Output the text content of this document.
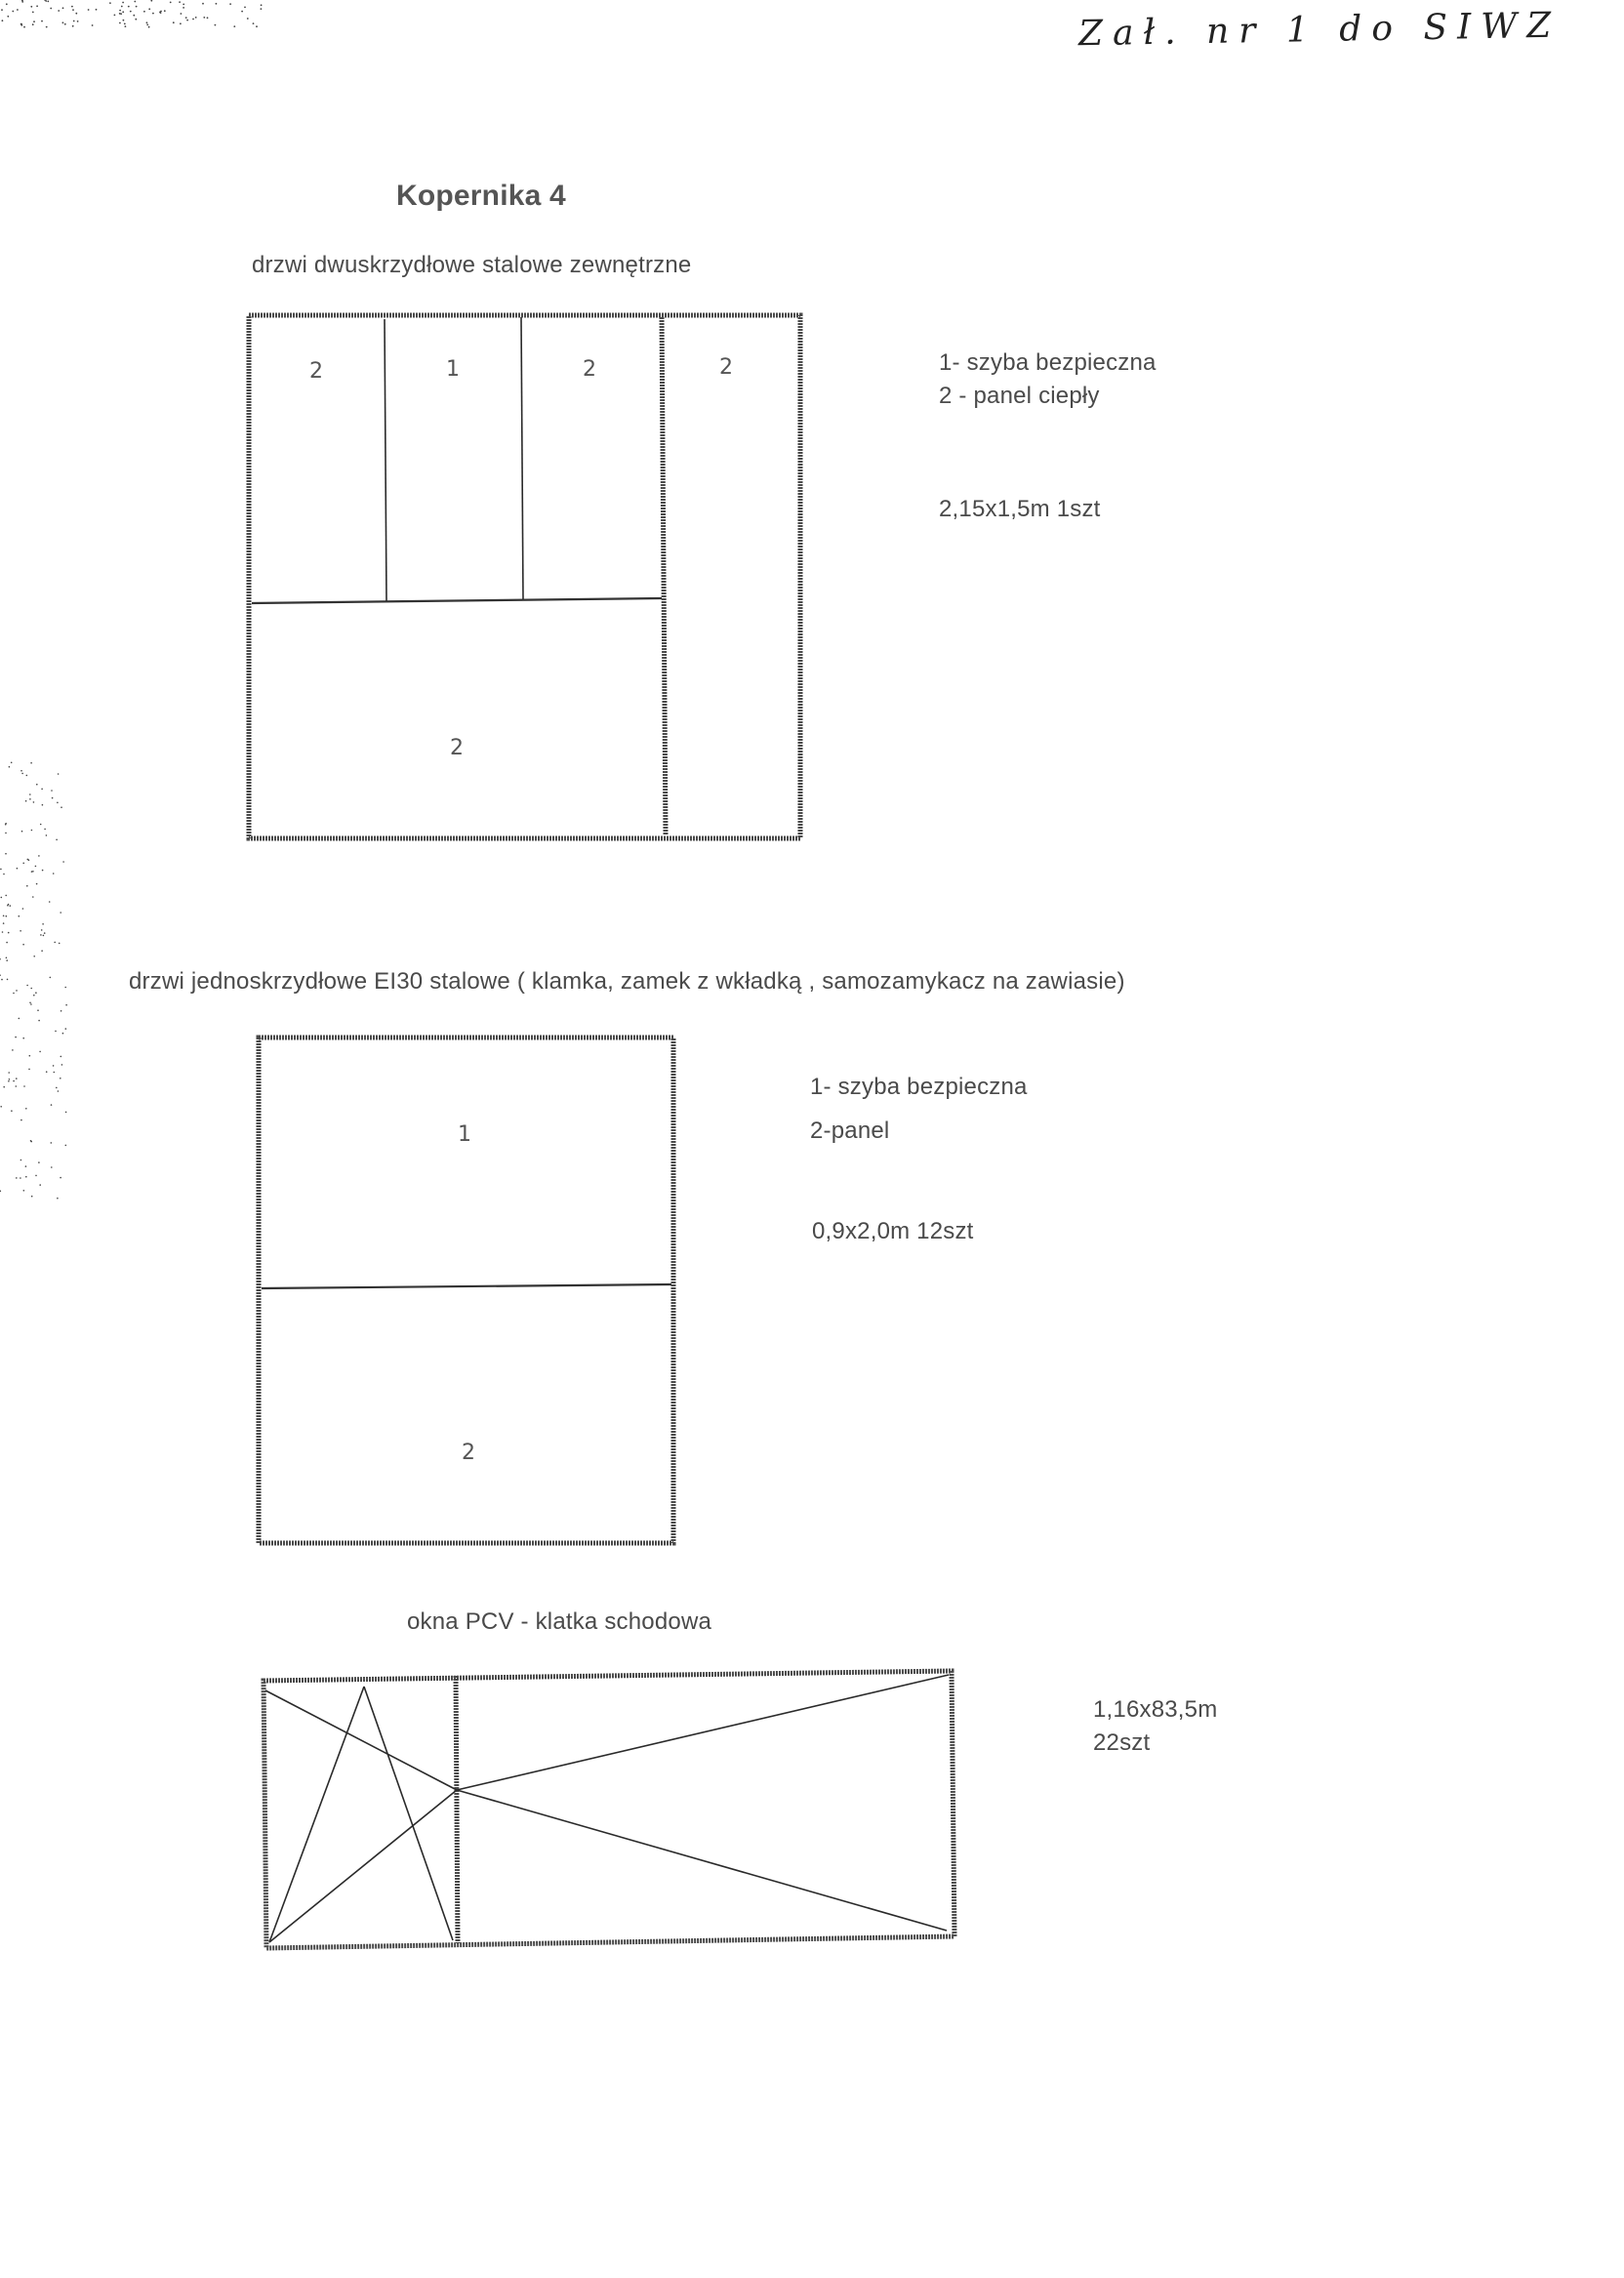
Zał. nr 1 do SIWZ
Kopernika 4
drzwi dwuskrzydłowe stalowe zewnętrzne
2	1	2	2
2
1- szyba bezpieczna
2 - panel ciepły
2,15x1,5m 1szt
drzwi jednoskrzydłowe EI30 stalowe ( klamka, zamek z wkładką , samozamykacz na zawiasie)
1
2
1- szyba bezpieczna
2-panel
0,9x2,0m 12szt
okna PCV - klatka schodowa
1,16x83,5m
22szt
